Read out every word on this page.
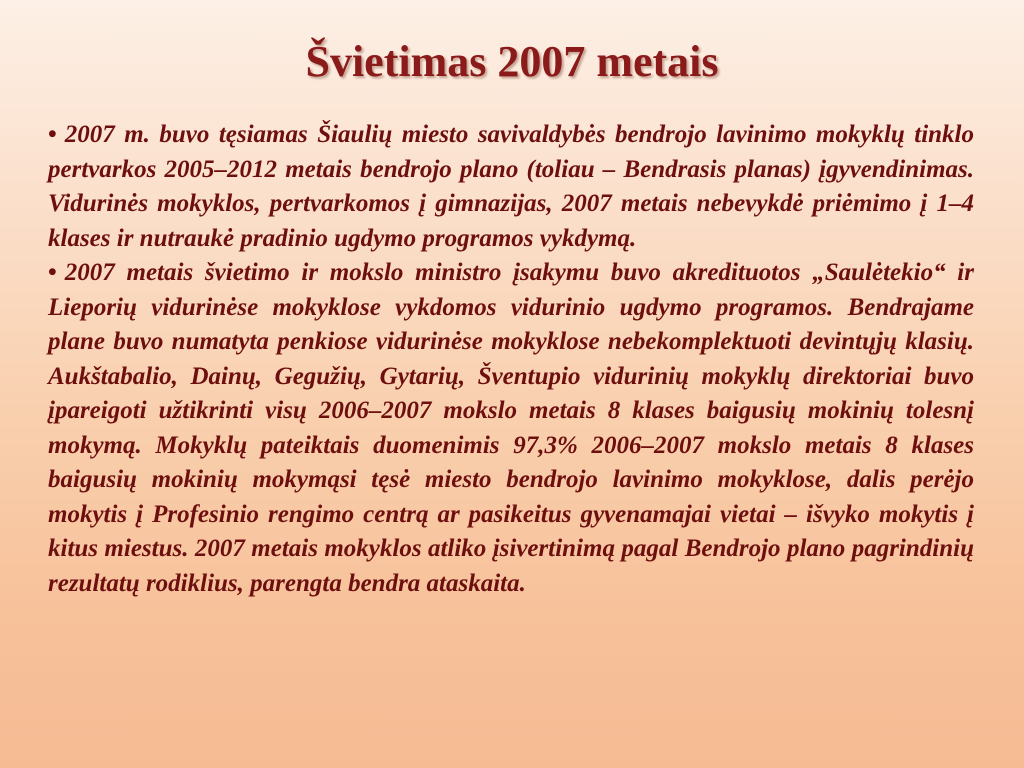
Švietimas 2007 metais
• 2007 m. buvo tęsiamas Šiaulių miesto savivaldybės bendrojo lavinimo mokyklų tinklo pertvarkos 2005–2012 metais bendrojo plano (toliau – Bendrasis planas) įgyvendinimas. Vidurinės mokyklos, pertvarkomos į gimnazijas, 2007 metais nebevykdė priėmimo į 1–4 klases ir nutraukė pradinio ugdymo programos vykdymą.
• 2007 metais švietimo ir mokslo ministro įsakymu buvo akredituotos „Saulėtekio“ ir Lieporių vidurinėse mokyklose vykdomos vidurinio ugdymo programos. Bendrajame plane buvo numatyta penkiose vidurinėse mokyklose nebekomplektuoti devintųjų klasių. Aukštabalio, Dainų, Gegužių, Gytarių, Šventupio vidurinių mokyklų direktoriai buvo įpareigoti užtikrinti visų 2006–2007 mokslo metais 8 klases baigusių mokinių tolesnį mokymą. Mokyklų pateiktais duomenimis 97,3% 2006–2007 mokslo metais 8 klases baigusių mokinių mokymąsi tęsė miesto bendrojo lavinimo mokyklose, dalis perėjo mokytis į Profesinio rengimo centrą ar pasikeitus gyvenamajai vietai – išvyko mokytis į kitus miestus. 2007 metais mokyklos atliko įsivertinimą pagal Bendrojo plano pagrindinių rezultatų rodiklius, parengta bendra ataskaita.
